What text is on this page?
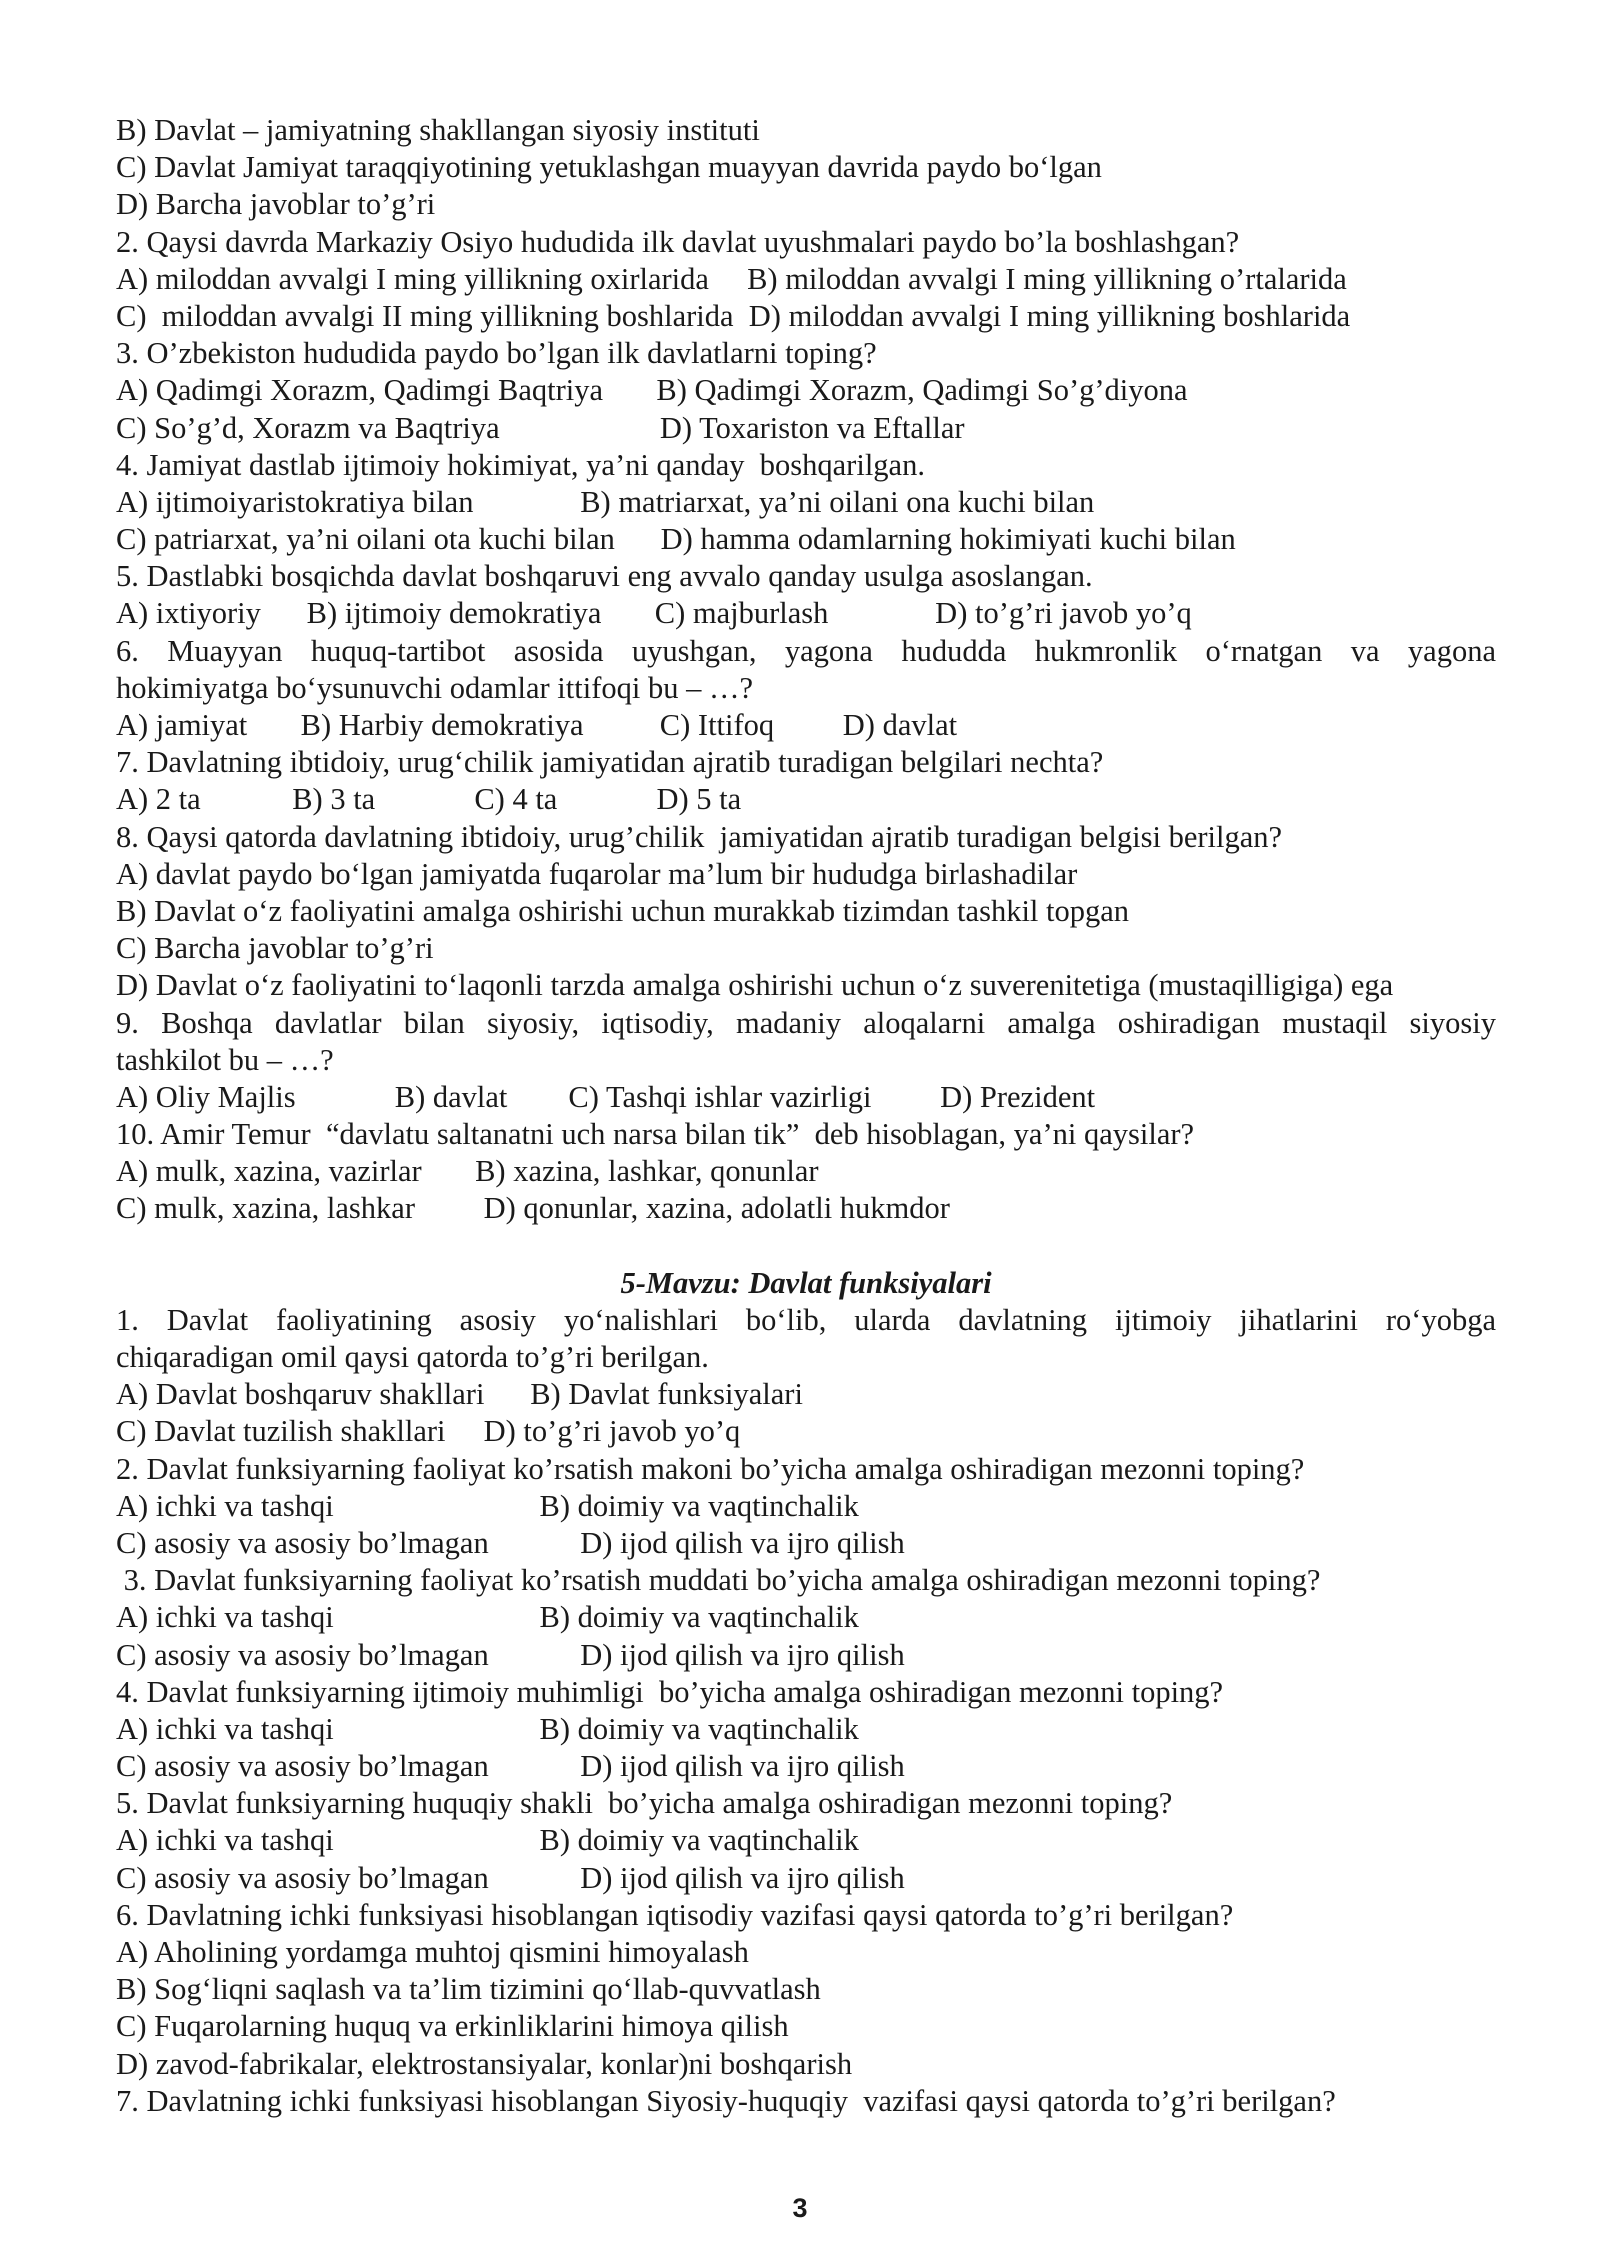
B) Davlat – jamiyatning shakllangan siyosiy instituti
C) Davlat Jamiyat taraqqiyotining yetuklashgan muayyan davrida paydo bo‘lgan
D) Barcha javoblar to’g’ri
2. Qaysi davrda Markaziy Osiyo hududida ilk davlat uyushmalari paydo bo’la boshlashgan?
A) miloddan avvalgi I ming yillikning oxirlarida     B) miloddan avvalgi I ming yillikning o’rtalarida
C)  miloddan avvalgi II ming yillikning boshlarida  D) miloddan avvalgi I ming yillikning boshlarida
3. O’zbekiston hududida paydo bo’lgan ilk davlatlarni toping?
A) Qadimgi Xorazm, Qadimgi Baqtriya       B) Qadimgi Xorazm, Qadimgi So’g’diyona
C) So’g’d, Xorazm va Baqtriya                     D) Toxariston va Eftallar
4. Jamiyat dastlab ijtimoiy hokimiyat, ya’ni qanday  boshqarilgan.
A) ijtimoiyaristokratiya bilan              B) matriarxat, ya’ni oilani ona kuchi bilan
C) patriarxat, ya’ni oilani ota kuchi bilan      D) hamma odamlarning hokimiyati kuchi bilan
5. Dastlabki bosqichda davlat boshqaruvi eng avvalo qanday usulga asoslangan.
A) ixtiyoriy      B) ijtimoiy demokratiya       C) majburlash              D) to’g’ri javob yo’q
6. Muayyan huquq-tartibot asosida uyushgan, yagona hududda hukmronlik o‘rnatgan va yagona
hokimiyatga bo‘ysunuvchi odamlar ittifoqi bu – …?
A) jamiyat       B) Harbiy demokratiya          C) Ittifoq         D) davlat
7. Davlatning ibtidoiy, urug‘chilik jamiyatidan ajratib turadigan belgilari nechta?
A) 2 ta            B) 3 ta             C) 4 ta             D) 5 ta
8. Qaysi qatorda davlatning ibtidoiy, urug’chilik  jamiyatidan ajratib turadigan belgisi berilgan?
A) davlat paydo bo‘lgan jamiyatda fuqarolar ma’lum bir hududga birlashadilar
B) Davlat o‘z faoliyatini amalga oshirishi uchun murakkab tizimdan tashkil topgan
C) Barcha javoblar to’g’ri
D) Davlat o‘z faoliyatini to‘laqonli tarzda amalga oshirishi uchun o‘z suverenitetiga (mustaqilligiga) ega
9. Boshqa davlatlar bilan siyosiy, iqtisodiy, madaniy aloqalarni amalga oshiradigan mustaqil siyosiy
tashkilot bu – …?
A) Oliy Majlis             B) davlat        C) Tashqi ishlar vazirligi         D) Prezident
10. Amir Temur  “davlatu saltanatni uch narsa bilan tik”  deb hisoblagan, ya’ni qaysilar?
A) mulk, xazina, vazirlar       B) xazina, lashkar, qonunlar
C) mulk, xazina, lashkar         D) qonunlar, xazina, adolatli hukmdor
5-Mavzu: Davlat funksiyalari
1. Davlat faoliyatining asosiy yo‘nalishlari bo‘lib, ularda davlatning ijtimoiy jihatlarini ro‘yobga
chiqaradigan omil qaysi qatorda to’g’ri berilgan.
A) Davlat boshqaruv shakllari      B) Davlat funksiyalari
C) Davlat tuzilish shakllari     D) to’g’ri javob yo’q
2. Davlat funksiyarning faoliyat ko’rsatish makoni bo’yicha amalga oshiradigan mezonni toping?
A) ichki va tashqi                           B) doimiy va vaqtinchalik
C) asosiy va asosiy bo’lmagan            D) ijod qilish va ijro qilish
3. Davlat funksiyarning faoliyat ko’rsatish muddati bo’yicha amalga oshiradigan mezonni toping?
A) ichki va tashqi                           B) doimiy va vaqtinchalik
C) asosiy va asosiy bo’lmagan            D) ijod qilish va ijro qilish
4. Davlat funksiyarning ijtimoiy muhimligi  bo’yicha amalga oshiradigan mezonni toping?
A) ichki va tashqi                           B) doimiy va vaqtinchalik
C) asosiy va asosiy bo’lmagan            D) ijod qilish va ijro qilish
5. Davlat funksiyarning huquqiy shakli  bo’yicha amalga oshiradigan mezonni toping?
A) ichki va tashqi                           B) doimiy va vaqtinchalik
C) asosiy va asosiy bo’lmagan            D) ijod qilish va ijro qilish
6. Davlatning ichki funksiyasi hisoblangan iqtisodiy vazifasi qaysi qatorda to’g’ri berilgan?
A) Aholining yordamga muhtoj qismini himoyalash
B) Sog‘liqni saqlash va ta’lim tizimini qo‘llab-quvvatlash
C) Fuqarolarning huquq va erkinliklarini himoya qilish
D) zavod-fabrikalar, elektrostansiyalar, konlar)ni boshqarish
7. Davlatning ichki funksiyasi hisoblangan Siyosiy-huquqiy  vazifasi qaysi qatorda to’g’ri berilgan?
3
